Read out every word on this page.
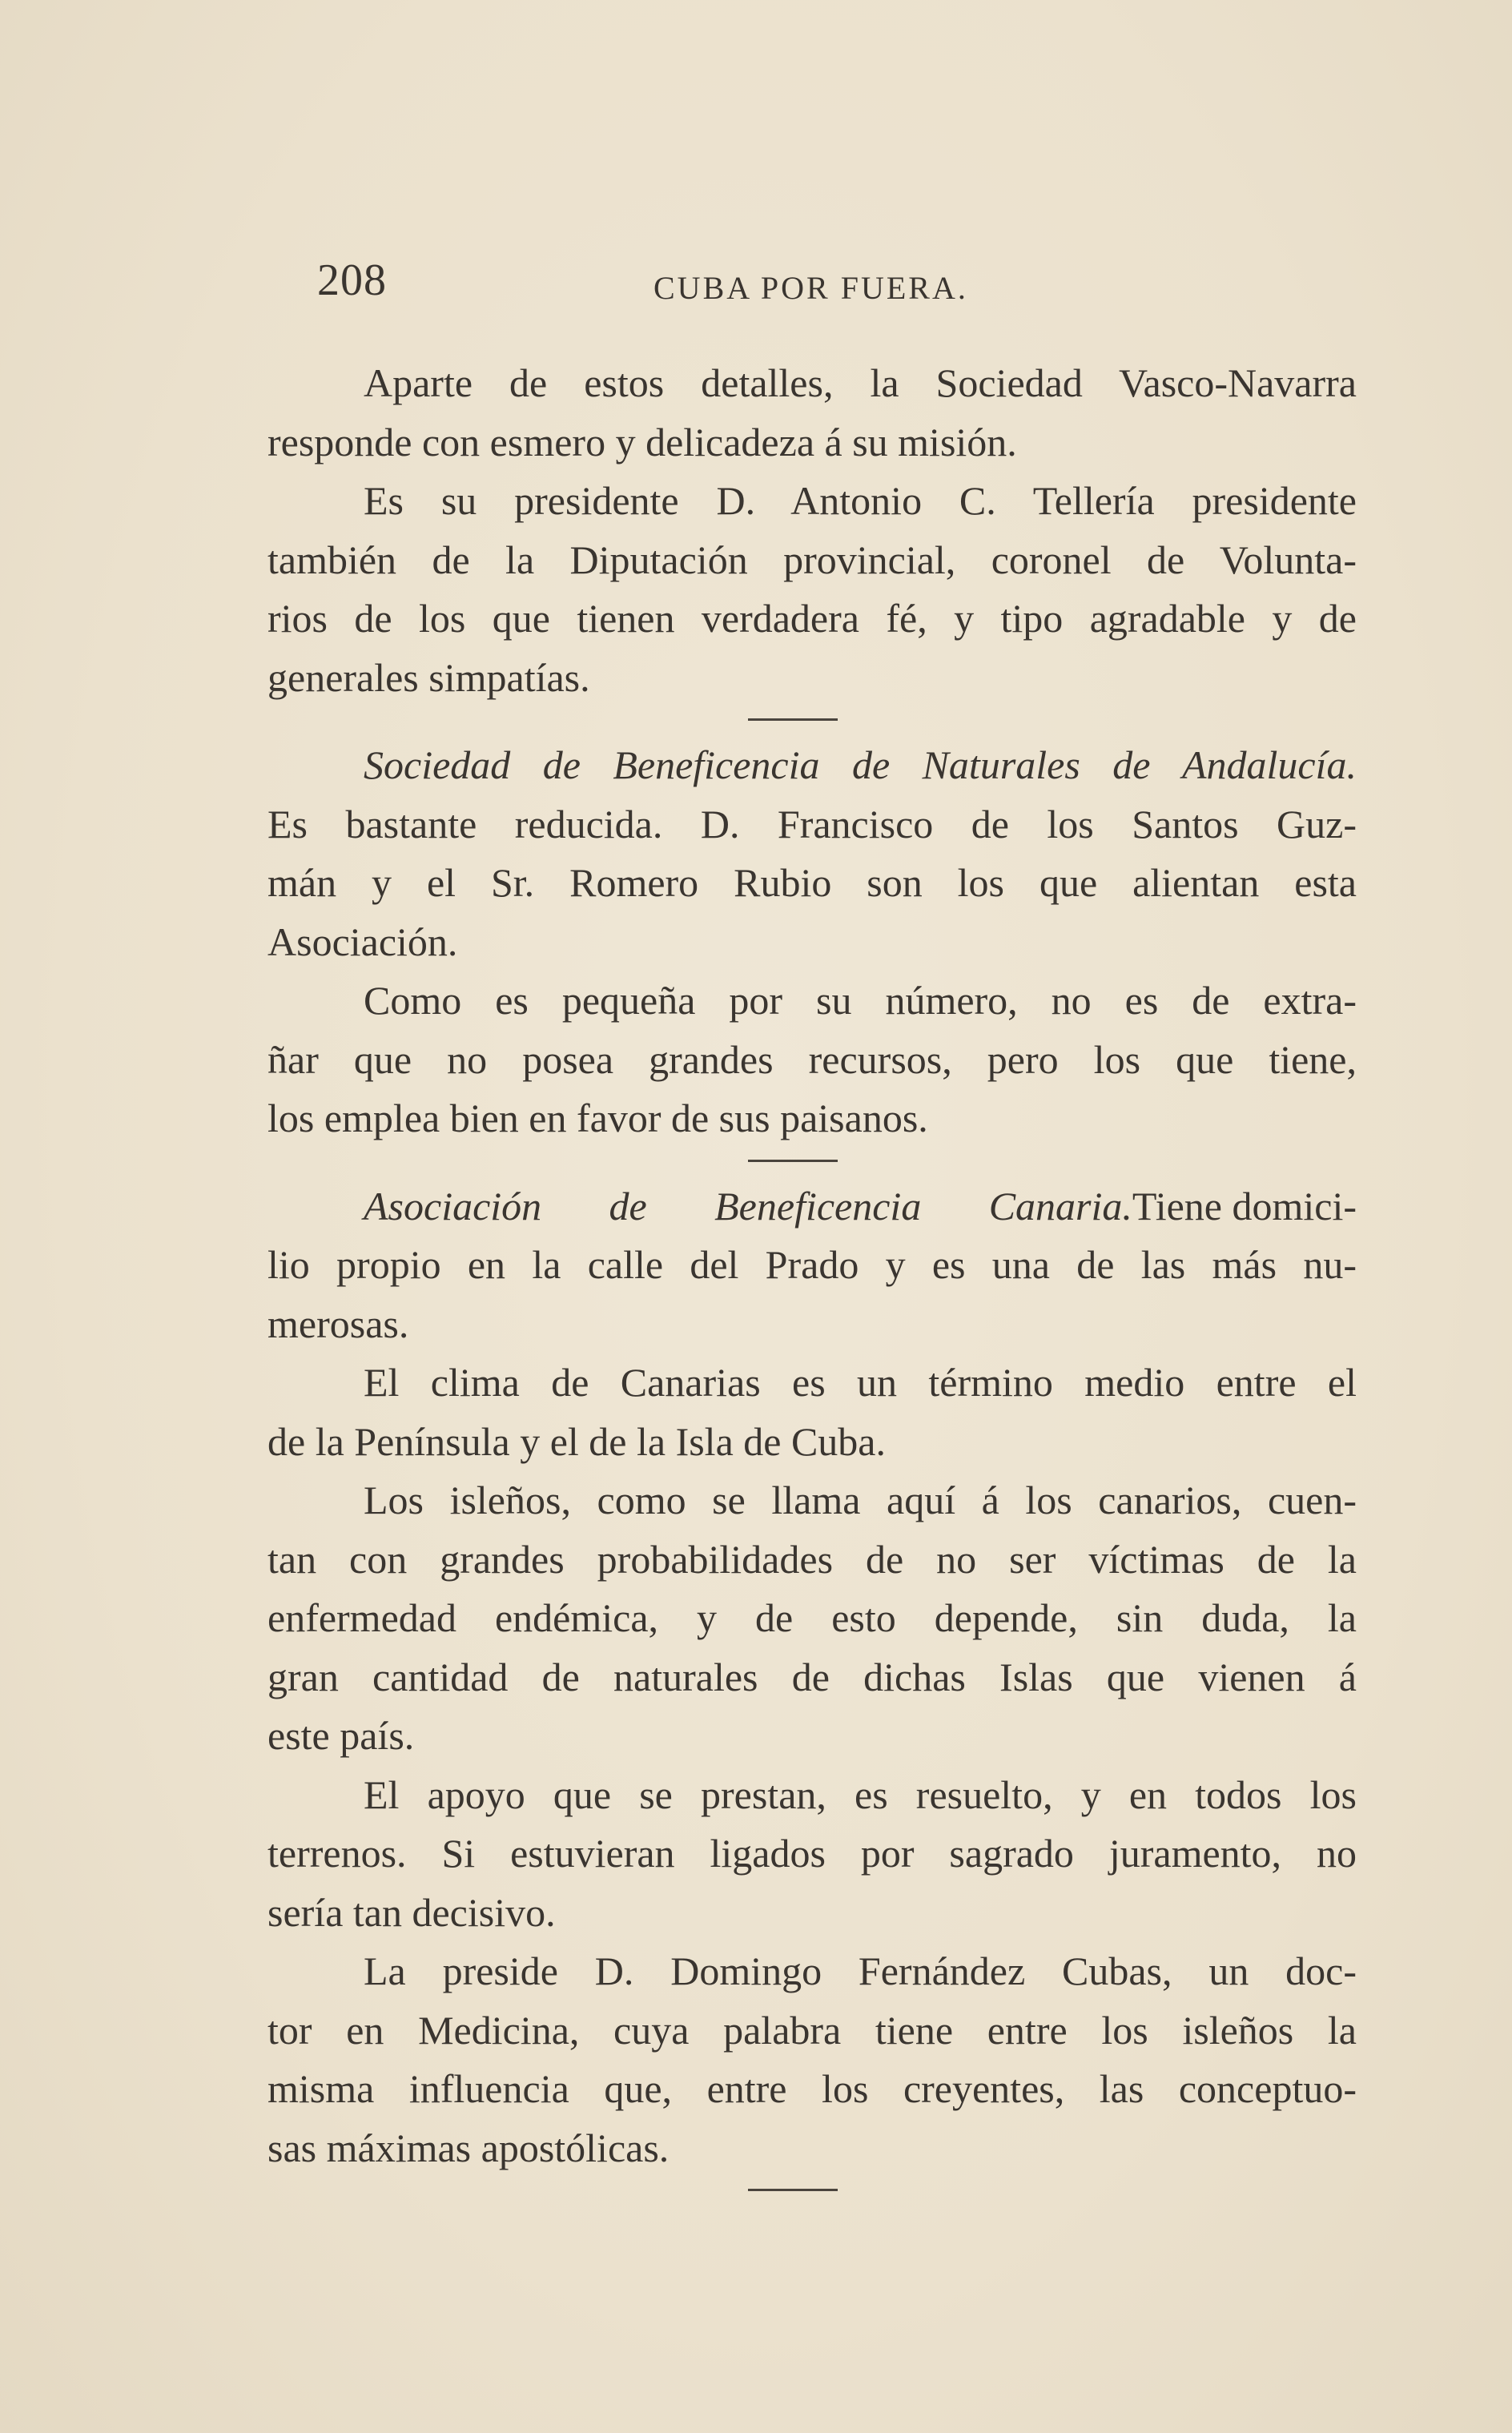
208	CUBA POR FUERA.
Aparte de estos detalles, la Sociedad Vasco-Navarra
responde con esmero y delicadeza á su misión.
Es su presidente D. Antonio C. Tellería presidente
también de la Diputación provincial, coronel de Volunta-
rios de los que tienen verdadera fé, y tipo agradable y de
generales simpatías.
Sociedad de Beneficencia de Naturales de Andalucía.
Es bastante reducida. D. Francisco de los Santos Guz-
mán y el Sr. Romero Rubio son los que alientan esta
Asociación.
Como es pequeña por su número, no es de extra-
ñar que no posea grandes recursos, pero los que tiene,
los emplea bien en favor de sus paisanos.
Asociación de Beneficencia Canaria. Tiene domici-
lio propio en la calle del Prado y es una de las más nu-
merosas.
El clima de Canarias es un término medio entre el
de la Península y el de la Isla de Cuba.
Los isleños, como se llama aquí á los canarios, cuen-
tan con grandes probabilidades de no ser víctimas de la
enfermedad endémica, y de esto depende, sin duda, la
gran cantidad de naturales de dichas Islas que vienen á
este país.
El apoyo que se prestan, es resuelto, y en todos los
terrenos. Si estuvieran ligados por sagrado juramento, no
sería tan decisivo.
La preside D. Domingo Fernández Cubas, un doc-
tor en Medicina, cuya palabra tiene entre los isleños la
misma influencia que, entre los creyentes, las conceptuo-
sas máximas apostólicas.
